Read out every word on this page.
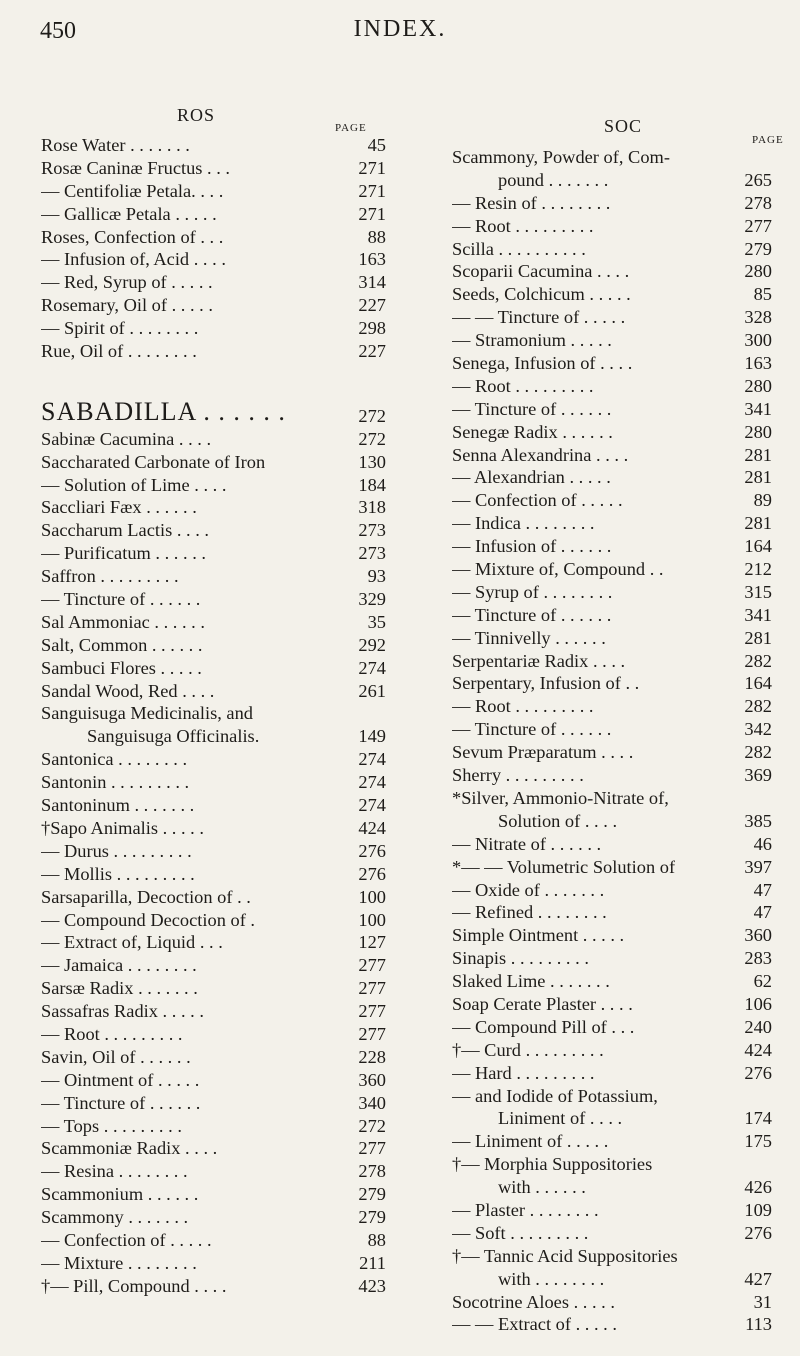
450	INDEX.
ROS
PAGE	SOC
PAGE
Rose Water . . . . . . .	45
Rosæ Caninæ Fructus . . .	271
— Centifoliæ Petala. . . .	271
— Gallicæ Petala . . . . .	271
Roses, Confection of . . .	88
— Infusion of, Acid . . . .	163
— Red, Syrup of . . . . .	314
Rosemary, Oil of . . . . .	227
— Spirit of . . . . . . . .	298
Rue, Oil of . . . . . . . .	227
SABADILLA . . . . . .	272
Sabinæ Cacumina . . . .	272
Saccharated Carbonate of Iron	130
— Solution of Lime . . . .	184
Saccliari Fæx . . . . . .	318
Saccharum Lactis . . . .	273
— Purificatum . . . . . .	273
Saffron . . . . . . . . .	93
— Tincture of . . . . . .	329
Sal Ammoniac . . . . . .	35
Salt, Common . . . . . .	292
Sambuci Flores . . . . .	274
Sandal Wood, Red . . . .	261
Sanguisuga Medicinalis, and
Sanguisuga Officinalis.	149
Santonica . . . . . . . .	274
Santonin . . . . . . . . .	274
Santoninum . . . . . . .	274
†Sapo Animalis . . . . .	424
— Durus . . . . . . . . .	276
— Mollis . . . . . . . . .	276
Sarsaparilla, Decoction of . .	100
— Compound Decoction of .	100
— Extract of, Liquid . . .	127
— Jamaica . . . . . . . .	277
Sarsæ Radix . . . . . . .	277
Sassafras Radix . . . . .	277
— Root . . . . . . . . .	277
Savin, Oil of . . . . . .	228
— Ointment of . . . . .	360
— Tincture of . . . . . .	340
— Tops . . . . . . . . .	272
Scammoniæ Radix . . . .	277
— Resina . . . . . . . .	278
Scammonium . . . . . .	279
Scammony . . . . . . .	279
— Confection of . . . . .	88
— Mixture . . . . . . . .	211
†— Pill, Compound . . . .	423
Scammony, Powder of, Com-
pound . . . . . . .	265
— Resin of . . . . . . . .	278
— Root . . . . . . . . .	277
Scilla . . . . . . . . . .	279
Scoparii Cacumina . . . .	280
Seeds, Colchicum . . . . .	85
— — Tincture of . . . . .	328
— Stramonium . . . . .	300
Senega, Infusion of . . . .	163
— Root . . . . . . . . .	280
— Tincture of . . . . . .	341
Senegæ Radix . . . . . .	280
Senna Alexandrina . . . .	281
— Alexandrian . . . . .	281
— Confection of . . . . .	89
— Indica . . . . . . . .	281
— Infusion of . . . . . .	164
— Mixture of, Compound . .	212
— Syrup of . . . . . . . .	315
— Tincture of . . . . . .	341
— Tinnivelly . . . . . .	281
Serpentariæ Radix . . . .	282
Serpentary, Infusion of . .	164
— Root . . . . . . . . .	282
— Tincture of . . . . . .	342
Sevum Præparatum . . . .	282
Sherry . . . . . . . . .	369
*Silver, Ammonio-Nitrate of,
Solution of . . . .	385
— Nitrate of . . . . . .	46
*— — Volumetric Solution of	397
— Oxide of . . . . . . .	47
— Refined . . . . . . . .	47
Simple Ointment . . . . .	360
Sinapis . . . . . . . . .	283
Slaked Lime . . . . . . .	62
Soap Cerate Plaster . . . .	106
— Compound Pill of . . .	240
†— Curd . . . . . . . . .	424
— Hard . . . . . . . . .	276
— and Iodide of Potassium,
Liniment of . . . .	174
— Liniment of . . . . .	175
†— Morphia Suppositories
with . . . . . .	426
— Plaster . . . . . . . .	109
— Soft . . . . . . . . .	276
†— Tannic Acid Suppositories
with . . . . . . . .	427
Socotrine Aloes . . . . .	31
— — Extract of . . . . .	113
